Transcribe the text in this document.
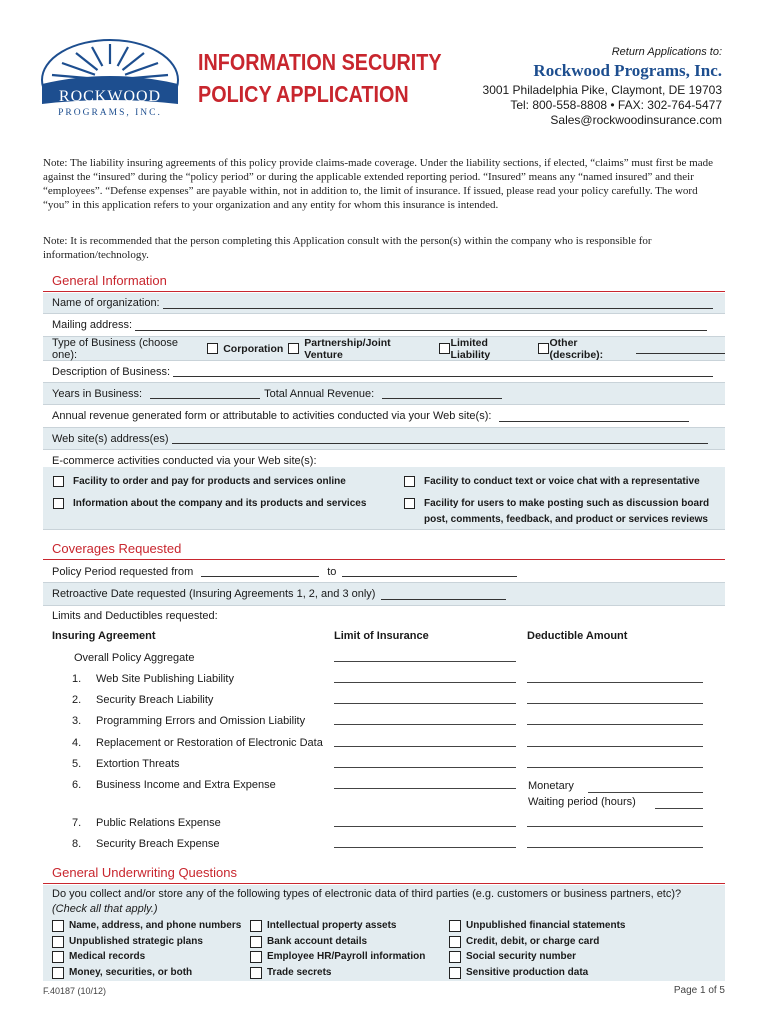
ROCKWOOD
PROGRAMS, INC.
INFORMATION SECURITY
POLICY APPLICATION
Return Applications to:
Rockwood Programs, Inc.
3001 Philadelphia Pike, Claymont, DE 19703
Tel: 800-558-8808 • FAX: 302-764-5477
Sales@rockwoodinsurance.com
Note: The liability insuring agreements of this policy provide claims-made coverage. Under the liability sections, if elected, “claims” must first be made against the “insured” during the “policy period” or during the applicable extended reporting period. “Insured” means any “named insured” and their “employees”. “Defense expenses” are payable within, not in addition to, the limit of insurance. If issued, please read your policy carefully. The word “you” in this application refers to your organization and any entity for whom this insurance is intended.
Note: It is recommended that the person completing this Application consult with the person(s) within the company who is responsible for information/technology.
General Information
Name of organization:
Mailing address:
Type of Business (choose one):	Corporation Partnership/Joint Venture
Limited Liability
Other (describe):
Description of Business:
Years in Business:	Total Annual Revenue:
Annual revenue generated form or attributable to activities conducted via your Web site(s):
Web site(s) address(es)
E-commerce activities conducted via your Web site(s):
Facility to order and pay for products and services online
Information about the company and its products and services
Facility to conduct text or voice chat with a representative
Facility for users to make posting such as discussion board
post, comments, feedback, and product or services reviews
Coverages Requested
Policy Period requested from	to
Retroactive Date requested (Insuring Agreements 1, 2, and 3 only)
Limits and Deductibles requested:
Insuring Agreement	Limit of Insurance	Deductible Amount
Overall Policy Aggregate
1. Web Site Publishing Liability
2. Security Breach Liability
3. Programming Errors and Omission Liability
4. Replacement or Restoration of Electronic Data
5. Extortion Threats
6. Business Income and Extra Expense	Monetary
Waiting period (hours)
7. Public Relations Expense
8. Security Breach Expense
General Underwriting Questions
Do you collect and/or store any of the following types of electronic data of third parties (e.g. customers or business partners, etc)?
(Check all that apply.)
Name, address, and phone numbers
Unpublished strategic plans
Medical records
Money, securities, or both
Intellectual property assets
Bank account details
Employee HR/Payroll information
Trade secrets
Unpublished financial statements
Credit, debit, or charge card
Social security number
Sensitive production data
F.40187 (10/12)	Page 1 of 5
